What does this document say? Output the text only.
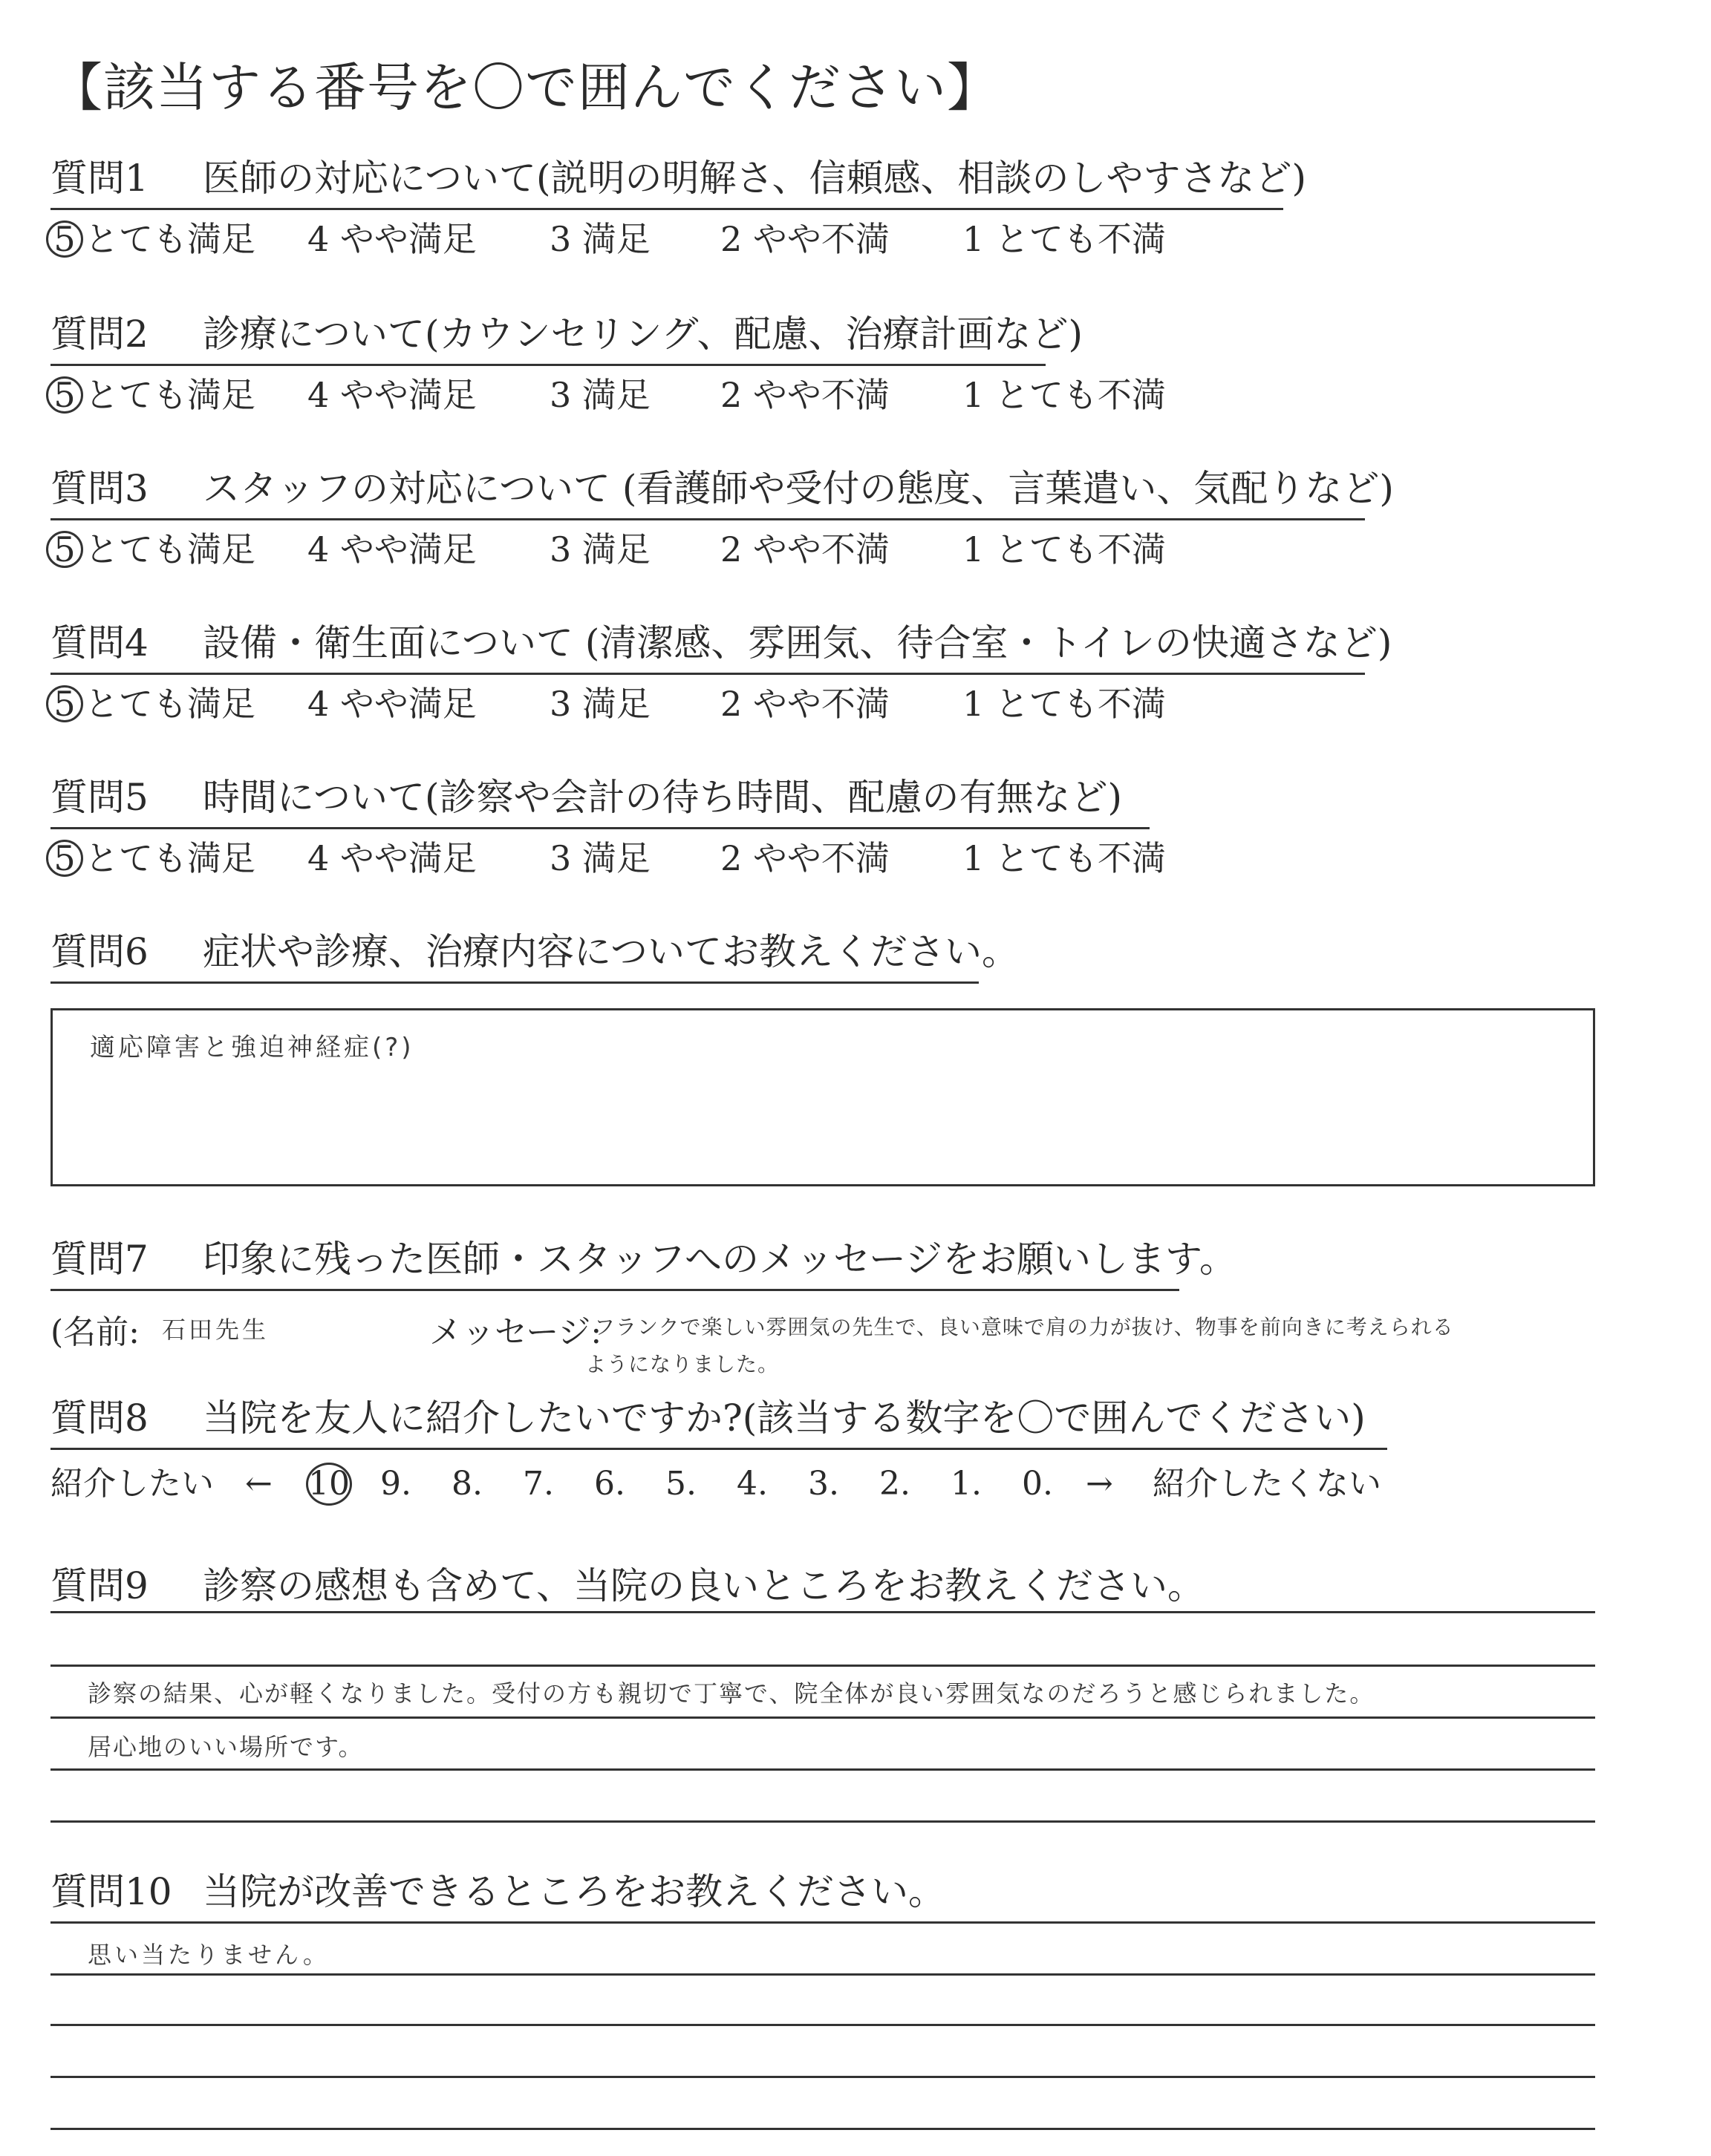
【該当する番号を〇で囲んでください】
質問1 医師の対応について(説明の明解さ、信頼感、相談のしやすさなど)
5 とても満足 4 やや満足 3 満足 2 やや不満 1 とても不満
質問2 診療について(カウンセリング、配慮、治療計画など)
5 とても満足 4 やや満足 3 満足 2 やや不満 1 とても不満
質問3 スタッフの対応について (看護師や受付の態度、言葉遣い、気配りなど)
5 とても満足 4 やや満足 3 満足 2 やや不満 1 とても不満
質問4 設備・衛生面について (清潔感、雰囲気、待合室・トイレの快適さなど)
5 とても満足 4 やや満足 3 満足 2 やや不満 1 とても不満
質問5 時間について(診察や会計の待ち時間、配慮の有無など)
5 とても満足 4 やや満足 3 満足 2 やや不満 1 とても不満
質問6 症状や診療、治療内容についてお教えください。
適応障害と強迫神経症(?)
質問7 印象に残った医師・スタッフへのメッセージをお願いします。
(名前: 石田先生	メッセージ:
フランクで楽しい雰囲気の先生で、良い意味で肩の力が抜け、物事を前向きに考えられる
ようになりました。
質問8 当院を友人に紹介したいですか?(該当する数字を〇で囲んでください)
紹介したい ← 10 9. 8. 7. 6. 5. 4. 3. 2. 1. 0. → 紹介したくない
質問9 診察の感想も含めて、当院の良いところをお教えください。
診察の結果、心が軽くなりました。受付の方も親切で丁寧で、院全体が良い雰囲気なのだろうと感じられました。
居心地のいい場所です。
質問10 当院が改善できるところをお教えください。
思い当たりません。
